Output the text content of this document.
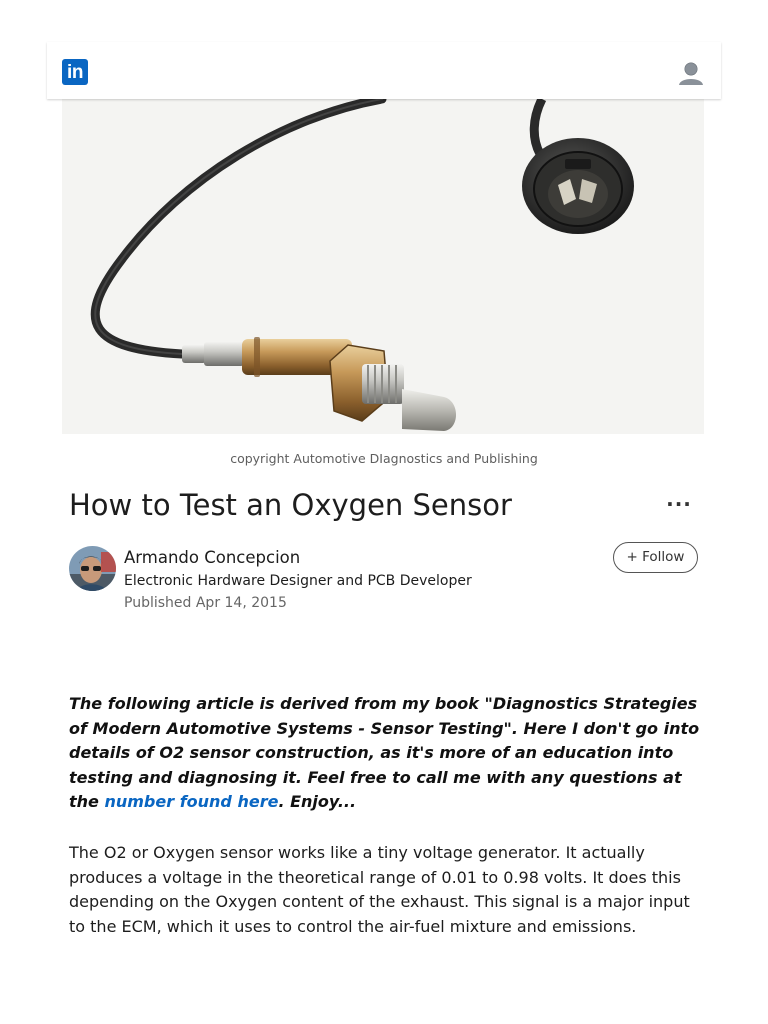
in
copyright Automotive DIagnostics and Publishing
How to Test an Oxygen Sensor	···
Armando Concepcion
Electronic Hardware Designer and PCB Developer
Published Apr 14, 2015
+ Follow

The following article is derived from my book "Diagnostics Strategies of Modern Automotive Systems - Sensor Testing". Here I don't go into details of O2 sensor construction, as it's more of an education into testing and diagnosing it. Feel free to call me with any questions at the number found here. Enjoy...

The O2 or Oxygen sensor works like a tiny voltage generator. It actually produces a voltage in the theoretical range of 0.01 to 0.98 volts. It does this depending on the Oxygen content of the exhaust. This signal is a major input to the ECM, which it uses to control the air-fuel mixture and emissions.
